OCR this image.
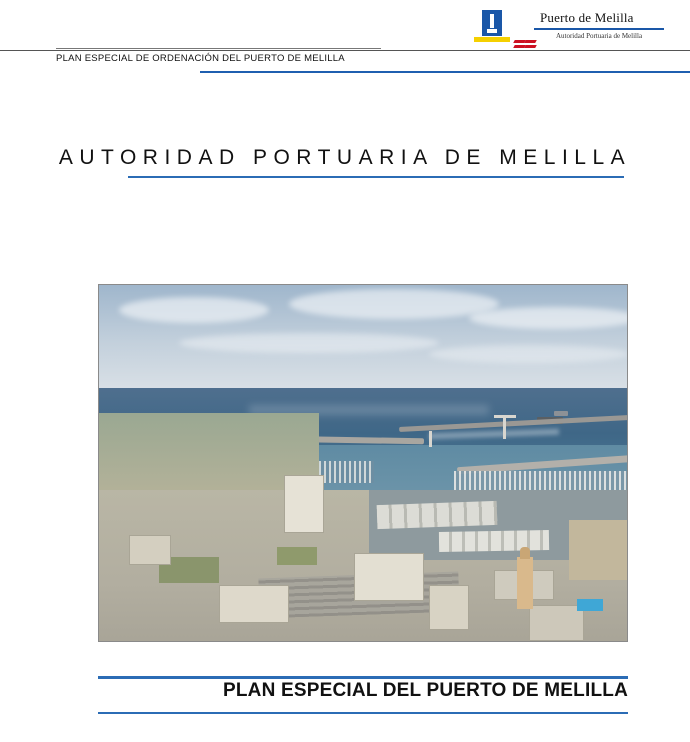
Puerto de Melilla
Autoridad Portuaria de Melilla
PLAN ESPECIAL DE ORDENACIÓN DEL PUERTO DE MELILLA
AUTORIDAD PORTUARIA DE MELILLA
PLAN ESPECIAL DEL PUERTO DE MELILLA
